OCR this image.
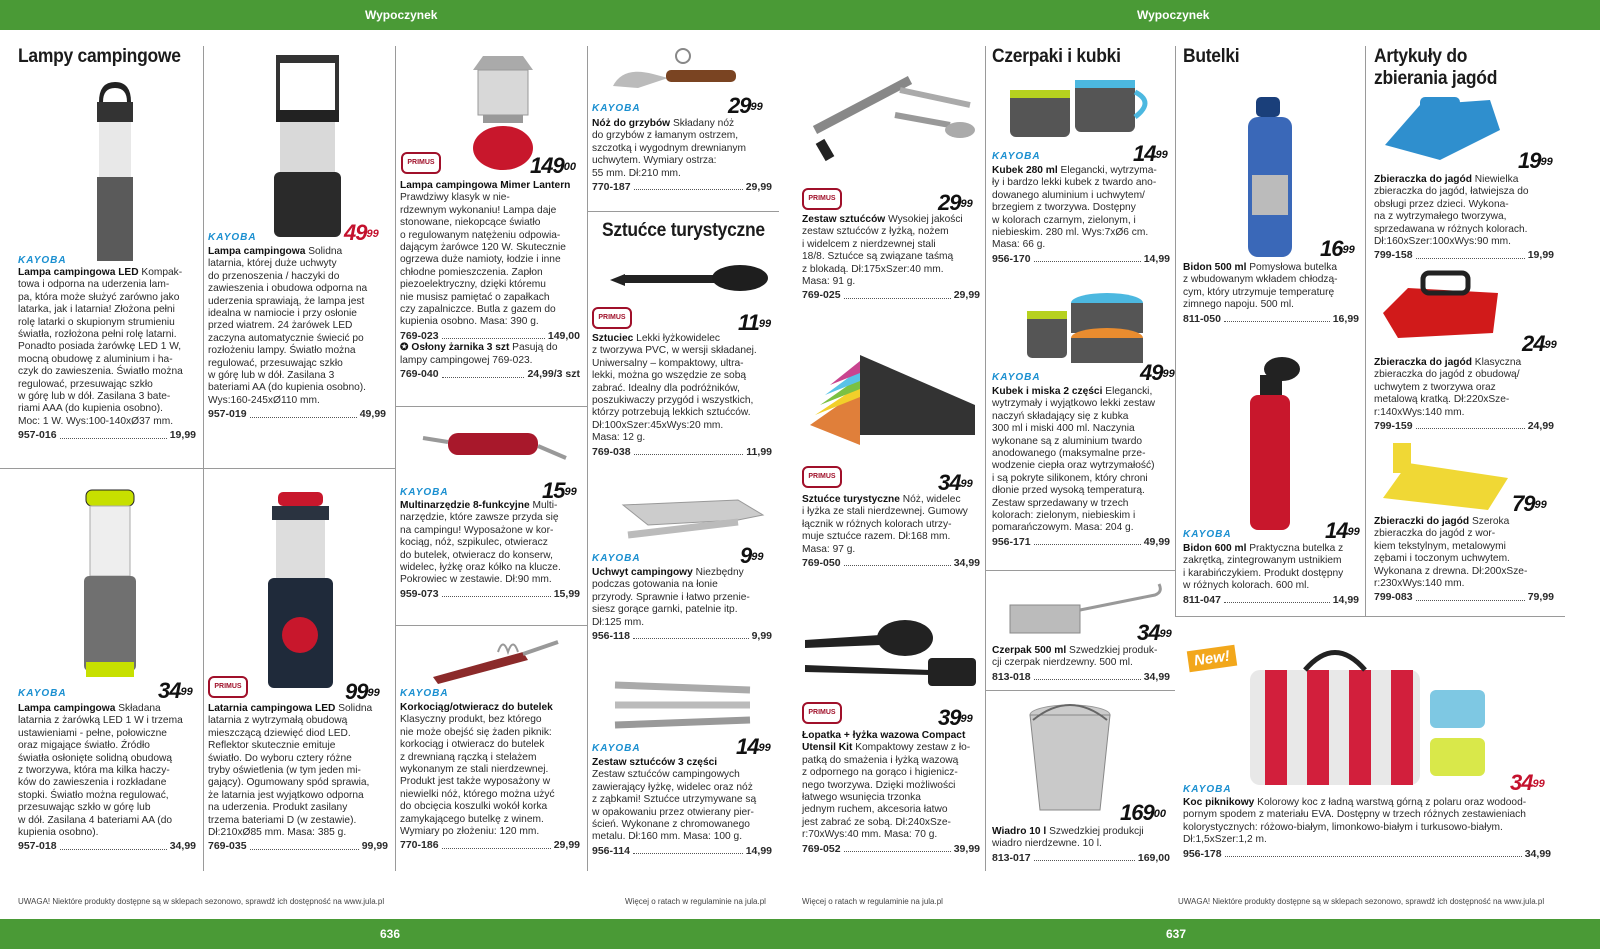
Wypoczynek
Lampy campingowe
Sztućce turystyczne
KAYOBA
Lampa campingowa LED Kompak-
towa i odporna na uderzenia lam-
pa, która może służyć zarówno jako
latarka, jak i latarnia! Złożona pełni
rolę latarki o skupionym strumieniu
światła, rozłożona pełni rolę latarni.
Ponadto posiada żarówkę LED 1 W,
mocną obudowę z aluminium i ha-
czyk do zawieszenia. Światło można
regulować, przesuwając szkło
w górę lub w dół. Zasilana 3 bate-
riami AAA (do kupienia osobno).
Moc: 1 W. Wys:100-140xØ37 mm.
957-016	19,99
$49^{99}$
KAYOBA
Lampa campingowa Solidna
latarnia, której duże uchwyty
do przenoszenia / haczyki do
zawieszenia i obudowa odporna na
uderzenia sprawiają, że lampa jest
idealna w namiocie i przy osłonie
przed wiatrem. 24 żarówek LED
zaczyna automatycznie świecić po
rozłożeniu lampy. Światło można
regulować, przesuwając szkło
w górę lub w dół. Zasilana 3
bateriami AA (do kupienia osobno).
Wys:160-245xØ110 mm.
957-019	49,99
PRIMUS	$149^{00}$
Lampa campingowa Mimer Lantern Prawdziwy klasyk w nie-
rdzewnym wykonaniu! Lampa daje
stonowane, niekopcące światło
o regulowanym natężeniu odpowia-
dającym żarówce 120 W. Skutecznie
ogrzewa duże namioty, łodzie i inne
chłodne pomieszczenia. Zapłon
piezoelektryczny, dzięki któremu
nie musisz pamiętać o zapałkach
czy zapalniczce. Butla z gazem do
kupienia osobno. Masa: 390 g.
769-023	149,00
✪ Osłony żarnika 3 szt Pasują do
lampy campingowej 769-023.
769-040	24,99/3 szt
KAYOBA	$15^{99}$
Multinarzędzie 8-funkcyjne Multi-
narzędzie, które zawsze przyda się
na campingu! Wyposażone w kor-
kociąg, nóż, szpikulec, otwieracz
do butelek, otwieracz do konserw,
widelec, łyżkę oraz kółko na klucze.
Pokrowiec w zestawie. Dł:90 mm.
959-073	15,99
KAYOBA	$29^{99}$
Nóż do grzybów Składany nóż
do grzybów z łamanym ostrzem,
szczotką i wygodnym drewnianym
uchwytem. Wymiary ostrza:
55 mm. Dł:210 mm.
770-187	29,99
PRIMUS	$11^{99}$
Sztuciec Lekki łyżkowidelec
z tworzywa PVC, w wersji składanej.
Uniwersalny – kompaktowy, ultra-
lekki, można go wszędzie ze sobą
zabrać. Idealny dla podróżników,
poszukiwaczy przygód i wszystkich,
którzy potrzebują lekkich sztućców.
Dł:100xSzer:45xWys:20 mm.
Masa: 12 g.
769-038	11,99
KAYOBA	$9^{99}$
Uchwyt campingowy Niezbędny
podczas gotowania na łonie
przyrody. Sprawnie i łatwo przenie-
siesz gorące garnki, patelnie itp.
Dł:125 mm.
956-118	9,99
KAYOBA	$34^{99}$
Lampa campingowa Składana
latarnia z żarówką LED 1 W i trzema
ustawieniami - pełne, połowiczne
oraz migające światło. Źródło
światła osłonięte solidną obudową
z tworzywa, która ma kilka haczy-
ków do zawieszenia i rozkładane
stopki. Światło można regulować,
przesuwając szkło w górę lub
w dół. Zasilana 4 bateriami AA (do
kupienia osobno).
957-018	34,99
PRIMUS	$99^{99}$
Latarnia campingowa LED Solidna
latarnia z wytrzymałą obudową
mieszczącą dziewięć diod LED.
Reflektor skutecznie emituje
światło. Do wyboru cztery różne
tryby oświetlenia (w tym jeden mi-
gający). Ogumowany spód sprawia,
że latarnia jest wyjątkowo odporna
na uderzenia. Produkt zasilany
trzema bateriami D (w zestawie).
Dł:210xØ85 mm. Masa: 385 g.
769-035	99,99
KAYOBA
Korkociąg/otwieracz do butelek
Klasyczny produkt, bez którego
nie może obejść się żaden piknik:
korkociąg i otwieracz do butelek
z drewnianą rączką i stelażem
wykonanym ze stali nierdzewnej.
Produkt jest także wyposażony w
niewielki nóż, którego można użyć
do obcięcia koszulki wokół korka
zamykającego butelkę z winem.
Wymiary po złożeniu: 120 mm.
770-186	29,99
KAYOBA	$14^{99}$
Zestaw sztućców 3 części
Zestaw sztućców campingowych
zawierający łyżkę, widelec oraz nóż
z ząbkami! Sztućce utrzymywane są
w opakowaniu przez otwierany pier-
ścień. Wykonane z chromowanego
metalu. Dł:160 mm. Masa: 100 g.
956-114	14,99
UWAGA! Niektóre produkty dostępne są w sklepach sezonowo, sprawdź ich dostępność na www.jula.pl	Więcej o ratach w regulaminie na jula.pl
636
Wypoczynek
Czerpaki i kubki	Butelki	Artykuły do
zbierania jagód
PRIMUS	$29^{99}$
Zestaw sztućców Wysokiej jakości
zestaw sztućców z łyżką, nożem
i widelcem z nierdzewnej stali
18/8. Sztućce są związane taśmą
z blokadą. Dł:175xSzer:40 mm.
Masa: 91 g.
769-025	29,99
PRIMUS	$34^{99}$
Sztućce turystyczne Nóż, widelec
i łyżka ze stali nierdzewnej. Gumowy
łącznik w różnych kolorach utrzy-
muje sztućce razem. Dł:168 mm.
Masa: 97 g.
769-050	34,99
PRIMUS	$39^{99}$
Łopatka + łyżka wazowa Compact Utensil Kit Kompaktowy zestaw z ło-
patką do smażenia i łyżką wazową
z odpornego na gorąco i higienicz-
nego tworzywa. Dzięki możliwości
łatwego wsunięcia trzonka
jednym ruchem, akcesoria łatwo
jest zabrać ze sobą. Dł:240xSze-
r:70xWys:40 mm. Masa: 70 g.
769-052	39,99
KAYOBA	$14^{99}$
Kubek 280 ml Elegancki, wytrzyma-
ły i bardzo lekki kubek z twardo ano-
dowanego aluminium i uchwytem/
brzegiem z tworzywa. Dostępny
w kolorach czarnym, zielonym, i
niebieskim. 280 ml. Wys:7xØ6 cm.
Masa: 66 g.
956-170	14,99
KAYOBA	$49^{99}$
Kubek i miska 2 części Elegancki,
wytrzymały i wyjątkowo lekki zestaw
naczyń składający się z kubka
300 ml i miski 400 ml. Naczynia
wykonane są z aluminium twardo
anodowanego (maksymalne prze-
wodzenie ciepła oraz wytrzymałość)
i są pokryte silikonem, który chroni
dłonie przed wysoką temperaturą.
Zestaw sprzedawany w trzech
kolorach: zielonym, niebieskim i
pomarańczowym. Masa: 204 g.
956-171	49,99
$34^{99}$
Czerpak 500 ml Szwedzkiej produk-
cji czerpak nierdzewny. 500 ml.
813-018	34,99
$169^{00}$
Wiadro 10 l Szwedzkiej produkcji
wiadro nierdzewne. 10 l.
813-017	169,00
$16^{99}$
Bidon 500 ml Pomysłowa butelka
z wbudowanym wkładem chłodzą-
cym, który utrzymuje temperaturę
zimnego napoju. 500 ml.
811-050	16,99
KAYOBA	$14^{99}$
Bidon 600 ml Praktyczna butelka z
zakrętką, zintegrowanym ustnikiem
i karabińczykiem. Produkt dostępny
w różnych kolorach. 600 ml.
811-047	14,99
$19^{99}$
Zbieraczka do jagód Niewielka
zbieraczka do jagód, łatwiejsza do
obsługi przez dzieci. Wykona-
na z wytrzymałego tworzywa,
sprzedawana w różnych kolorach.
Dł:160xSzer:100xWys:90 mm.
799-158	19,99
$24^{99}$
Zbieraczka do jagód Klasyczna
zbieraczka do jagód z obudową/
uchwytem z tworzywa oraz
metalową kratką. Dł:220xSze-
r:140xWys:140 mm.
799-159	24,99
$79^{99}$
Zbieraczki do jagód Szeroka
zbieraczka do jagód z wor-
kiem tekstylnym, metalowymi
zębami i toczonym uchwytem.
Wykonana z drewna. Dł:200xSze-
r:230xWys:140 mm.
799-083	79,99
New!
KAYOBA	$34^{99}$
Koc piknikowy Kolorowy koc z ładną warstwą górną z polaru oraz wodood-
pornym spodem z materiału EVA. Dostępny w trzech różnych zestawieniach
kolorystycznych: różowo-białym, limonkowo-białym i turkusowo-białym.
Dł:1,5xSzer:1,2 m.
956-178	34,99
Więcej o ratach w regulaminie na jula.pl	UWAGA! Niektóre produkty dostępne są w sklepach sezonowo, sprawdź ich dostępność na www.jula.pl
637
